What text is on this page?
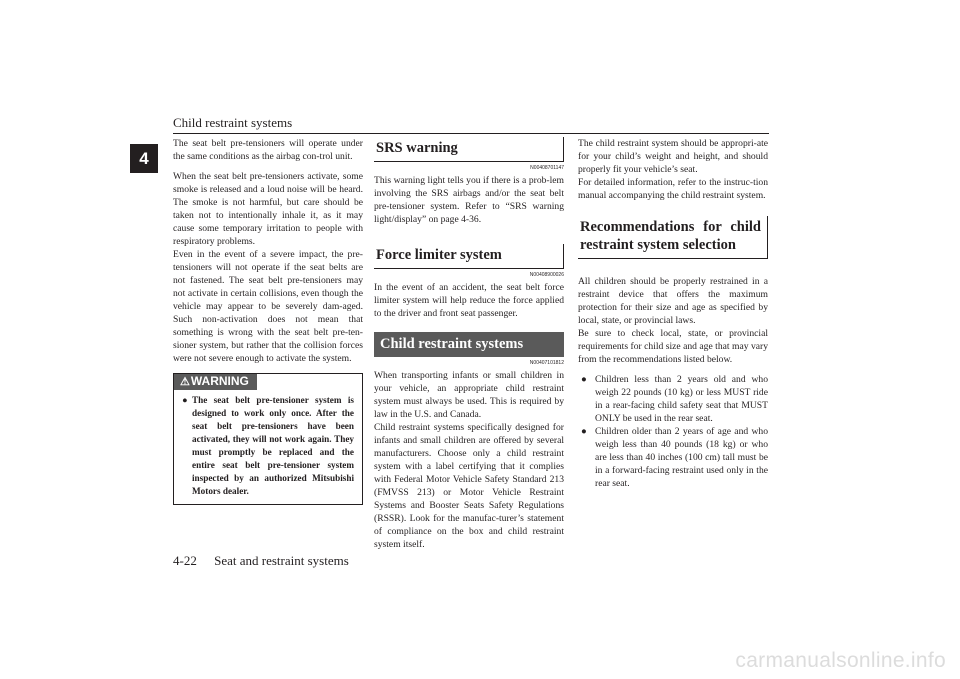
Child restraint systems
4

The seat belt pre-tensioners will operate under the same conditions as the airbag con-trol unit.

When the seat belt pre-tensioners activate, some smoke is released and a loud noise will be heard. The smoke is not harmful, but care should be taken not to intentionally inhale it, as it may cause some temporary irritation to people with respiratory problems.

Even in the event of a severe impact, the pre-tensioners will not operate if the seat belts are not fastened. The seat belt pre-tensioners may not activate in certain collisions, even though the vehicle may appear to be severely dam-aged. Such non-activation does not mean that something is wrong with the seat belt pre-ten-sioner system, but rather that the collision forces were not severe enough to activate the system.

⚠WARNING
● The seat belt pre-tensioner system is designed to work only once. After the seat belt pre-tensioners have been activated, they will not work again. They must promptly be replaced and the entire seat belt pre-tensioner system inspected by an authorized Mitsubishi Motors dealer.
SRS warning
N00408701147

This warning light tells you if there is a prob-lem involving the SRS airbags and/or the seat belt pre-tensioner system. Refer to “SRS warning light/display” on page 4-36.

Force limiter system
N00408900026

In the event of an accident, the seat belt force limiter system will help reduce the force applied to the driver and front seat passenger.

Child restraint systems
N00407101812

When transporting infants or small children in your vehicle, an appropriate child restraint system must always be used. This is required by law in the U.S. and Canada.

Child restraint systems specifically designed for infants and small children are offered by several manufacturers. Choose only a child restraint system with a label certifying that it complies with Federal Motor Vehicle Safety Standard 213 (FMVSS 213) or Motor Vehicle Restraint Systems and Booster Seats Safety Regulations (RSSR). Look for the manufac-turer’s statement of compliance on the box and child restraint system itself.

The child restraint system should be appropri-ate for your child’s weight and height, and should properly fit your vehicle’s seat.

For detailed information, refer to the instruc-tion manual accompanying the child restraint system.

Recommendations for child restraint system selection

All children should be properly restrained in a restraint device that offers the maximum protection for their size and age as specified by local, state, or provincial laws.

Be sure to check local, state, or provincial requirements for child size and age that may vary from the recommendations listed below.

● Children less than 2 years old and who weigh 22 pounds (10 kg) or less MUST ride in a rear-facing child safety seat that MUST ONLY be used in the rear seat.
● Children older than 2 years of age and who weigh less than 40 pounds (18 kg) or who are less than 40 inches (100 cm) tall must be in a forward-facing restraint used only in the rear seat.
4-22 Seat and restraint systems
carmanualsonline.info
